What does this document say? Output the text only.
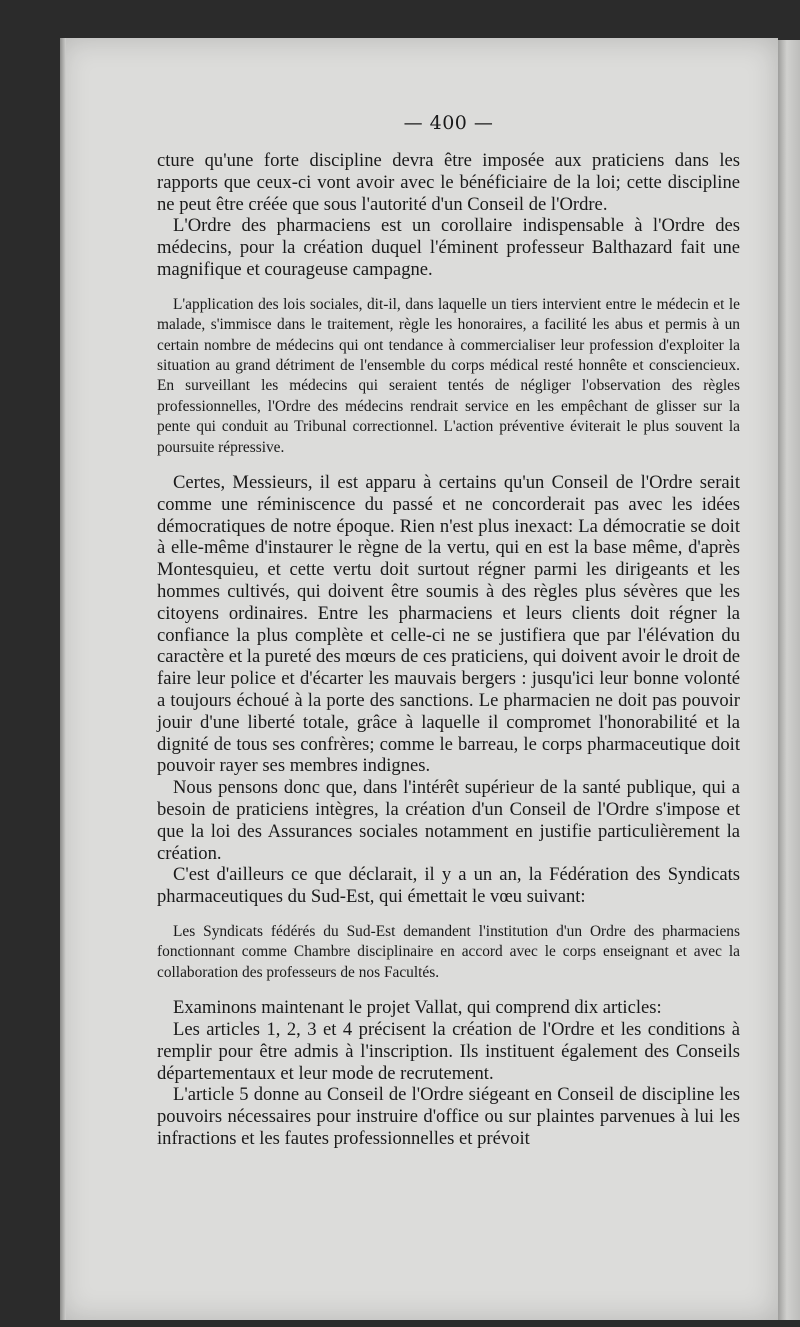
— 400 —

cture qu'une forte discipline devra être imposée aux praticiens dans les rapports que ceux-ci vont avoir avec le bénéficiaire de la loi; cette discipline ne peut être créée que sous l'autorité d'un Conseil de l'Ordre.

L'Ordre des pharmaciens est un corollaire indispensable à l'Ordre des médecins, pour la création duquel l'éminent professeur Balthazard fait une magnifique et courageuse campagne.

L'application des lois sociales, dit-il, dans laquelle un tiers intervient entre le médecin et le malade, s'immisce dans le traitement, règle les honoraires, a facilité les abus et permis à un certain nombre de médecins qui ont tendance à commercialiser leur profession d'exploiter la situation au grand détriment de l'ensemble du corps médical resté honnête et consciencieux. En surveillant les médecins qui seraient tentés de négliger l'observation des règles professionnelles, l'Ordre des médecins rendrait service en les empêchant de glisser sur la pente qui conduit au Tribunal correctionnel. L'action préventive éviterait le plus souvent la poursuite répressive.

Certes, Messieurs, il est apparu à certains qu'un Conseil de l'Ordre serait comme une réminiscence du passé et ne concorderait pas avec les idées démocratiques de notre époque. Rien n'est plus inexact: La démocratie se doit à elle-même d'instaurer le règne de la vertu, qui en est la base même, d'après Montesquieu, et cette vertu doit surtout régner parmi les dirigeants et les hommes cultivés, qui doivent être soumis à des règles plus sévères que les citoyens ordinaires. Entre les pharmaciens et leurs clients doit régner la confiance la plus complète et celle-ci ne se justifiera que par l'élévation du caractère et la pureté des mœurs de ces praticiens, qui doivent avoir le droit de faire leur police et d'écarter les mauvais bergers : jusqu'ici leur bonne volonté a toujours échoué à la porte des sanctions. Le pharmacien ne doit pas pouvoir jouir d'une liberté totale, grâce à laquelle il compromet l'honorabilité et la dignité de tous ses confrères; comme le barreau, le corps pharmaceutique doit pouvoir rayer ses membres indignes.

Nous pensons donc que, dans l'intérêt supérieur de la santé publique, qui a besoin de praticiens intègres, la création d'un Conseil de l'Ordre s'impose et que la loi des Assurances sociales notamment en justifie particulièrement la création.

C'est d'ailleurs ce que déclarait, il y a un an, la Fédération des Syndicats pharmaceutiques du Sud-Est, qui émettait le vœu suivant:

Les Syndicats fédérés du Sud-Est demandent l'institution d'un Ordre des pharmaciens fonctionnant comme Chambre disciplinaire en accord avec le corps enseignant et avec la collaboration des professeurs de nos Facultés.

Examinons maintenant le projet Vallat, qui comprend dix articles:

Les articles 1, 2, 3 et 4 précisent la création de l'Ordre et les conditions à remplir pour être admis à l'inscription. Ils instituent également des Conseils départementaux et leur mode de recrutement.

L'article 5 donne au Conseil de l'Ordre siégeant en Conseil de discipline les pouvoirs nécessaires pour instruire d'office ou sur plaintes parvenues à lui les infractions et les fautes professionnelles et prévoit
